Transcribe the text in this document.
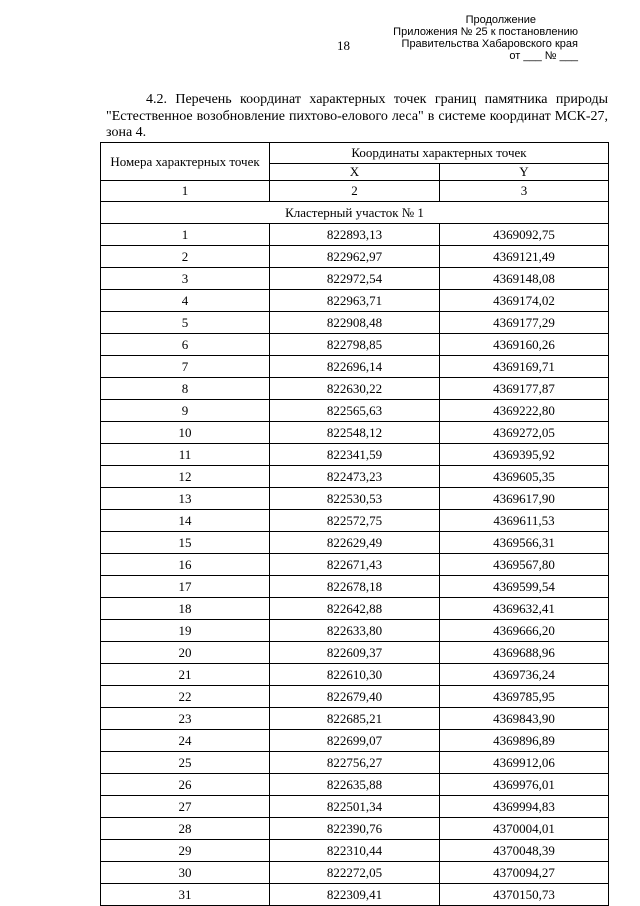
18
Продолжение
Приложения № 25 к постановлению
Правительства Хабаровского края
от ___ № ___
4.2. Перечень координат характерных точек границ памятника природы "Естественное возобновление пихтово-елового леса" в системе координат МСК-27, зона 4.
Номера характерных точек	Координаты характерных точек	
	X	Y
1	2	3
Кластерный участок № 1		
1	822893,13	4369092,75
2	822962,97	4369121,49
3	822972,54	4369148,08
4	822963,71	4369174,02
5	822908,48	4369177,29
6	822798,85	4369160,26
7	822696,14	4369169,71
8	822630,22	4369177,87
9	822565,63	4369222,80
10	822548,12	4369272,05
11	822341,59	4369395,92
12	822473,23	4369605,35
13	822530,53	4369617,90
14	822572,75	4369611,53
15	822629,49	4369566,31
16	822671,43	4369567,80
17	822678,18	4369599,54
18	822642,88	4369632,41
19	822633,80	4369666,20
20	822609,37	4369688,96
21	822610,30	4369736,24
22	822679,40	4369785,95
23	822685,21	4369843,90
24	822699,07	4369896,89
25	822756,27	4369912,06
26	822635,88	4369976,01
27	822501,34	4369994,83
28	822390,76	4370004,01
29	822310,44	4370048,39
30	822272,05	4370094,27
31	822309,41	4370150,73
